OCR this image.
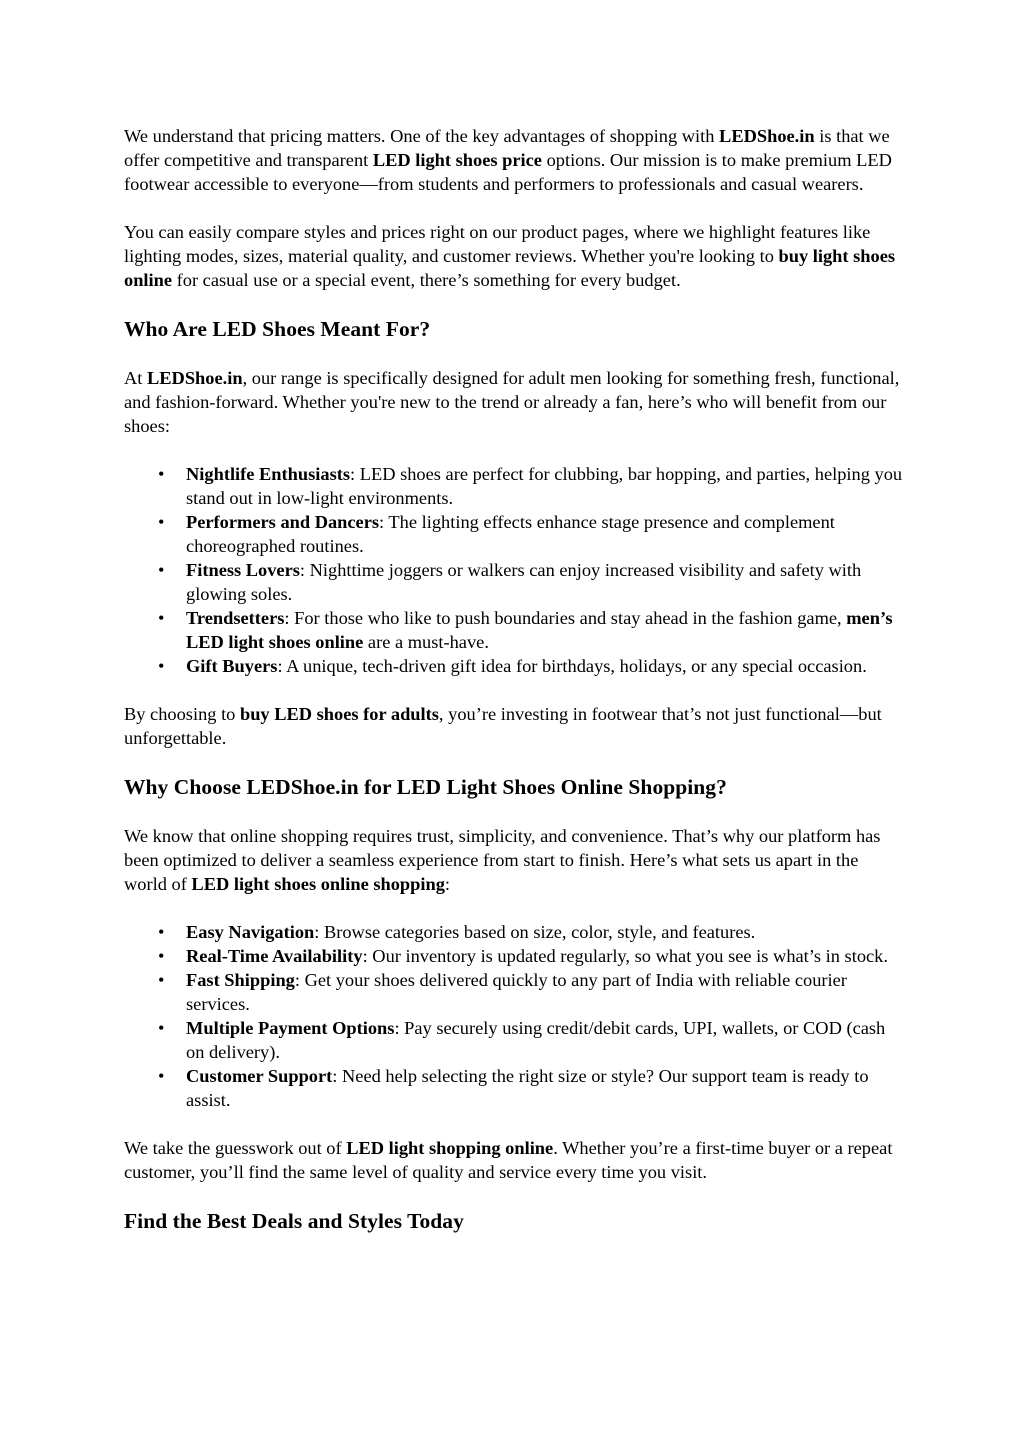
We understand that pricing matters. One of the key advantages of shopping with LEDShoe.in is that we offer competitive and transparent LED light shoes price options. Our mission is to make premium LED footwear accessible to everyone—from students and performers to professionals and casual wearers.

You can easily compare styles and prices right on our product pages, where we highlight features like lighting modes, sizes, material quality, and customer reviews. Whether you're looking to buy light shoes online for casual use or a special event, there’s something for every budget.

Who Are LED Shoes Meant For?

At LEDShoe.in, our range is specifically designed for adult men looking for something fresh, functional, and fashion-forward. Whether you're new to the trend or already a fan, here’s who will benefit from our shoes:

• Nightlife Enthusiasts: LED shoes are perfect for clubbing, bar hopping, and parties, helping you stand out in low-light environments.
• Performers and Dancers: The lighting effects enhance stage presence and complement choreographed routines.
• Fitness Lovers: Nighttime joggers or walkers can enjoy increased visibility and safety with glowing soles.
• Trendsetters: For those who like to push boundaries and stay ahead in the fashion game, men’s LED light shoes online are a must-have.
• Gift Buyers: A unique, tech-driven gift idea for birthdays, holidays, or any special occasion.

By choosing to buy LED shoes for adults, you’re investing in footwear that’s not just functional—but unforgettable.

Why Choose LEDShoe.in for LED Light Shoes Online Shopping?

We know that online shopping requires trust, simplicity, and convenience. That’s why our platform has been optimized to deliver a seamless experience from start to finish. Here’s what sets us apart in the world of LED light shoes online shopping:

• Easy Navigation: Browse categories based on size, color, style, and features.
• Real-Time Availability: Our inventory is updated regularly, so what you see is what’s in stock.
• Fast Shipping: Get your shoes delivered quickly to any part of India with reliable courier services.
• Multiple Payment Options: Pay securely using credit/debit cards, UPI, wallets, or COD (cash on delivery).
• Customer Support: Need help selecting the right size or style? Our support team is ready to assist.

We take the guesswork out of LED light shopping online. Whether you’re a first-time buyer or a repeat customer, you’ll find the same level of quality and service every time you visit.

Find the Best Deals and Styles Today
